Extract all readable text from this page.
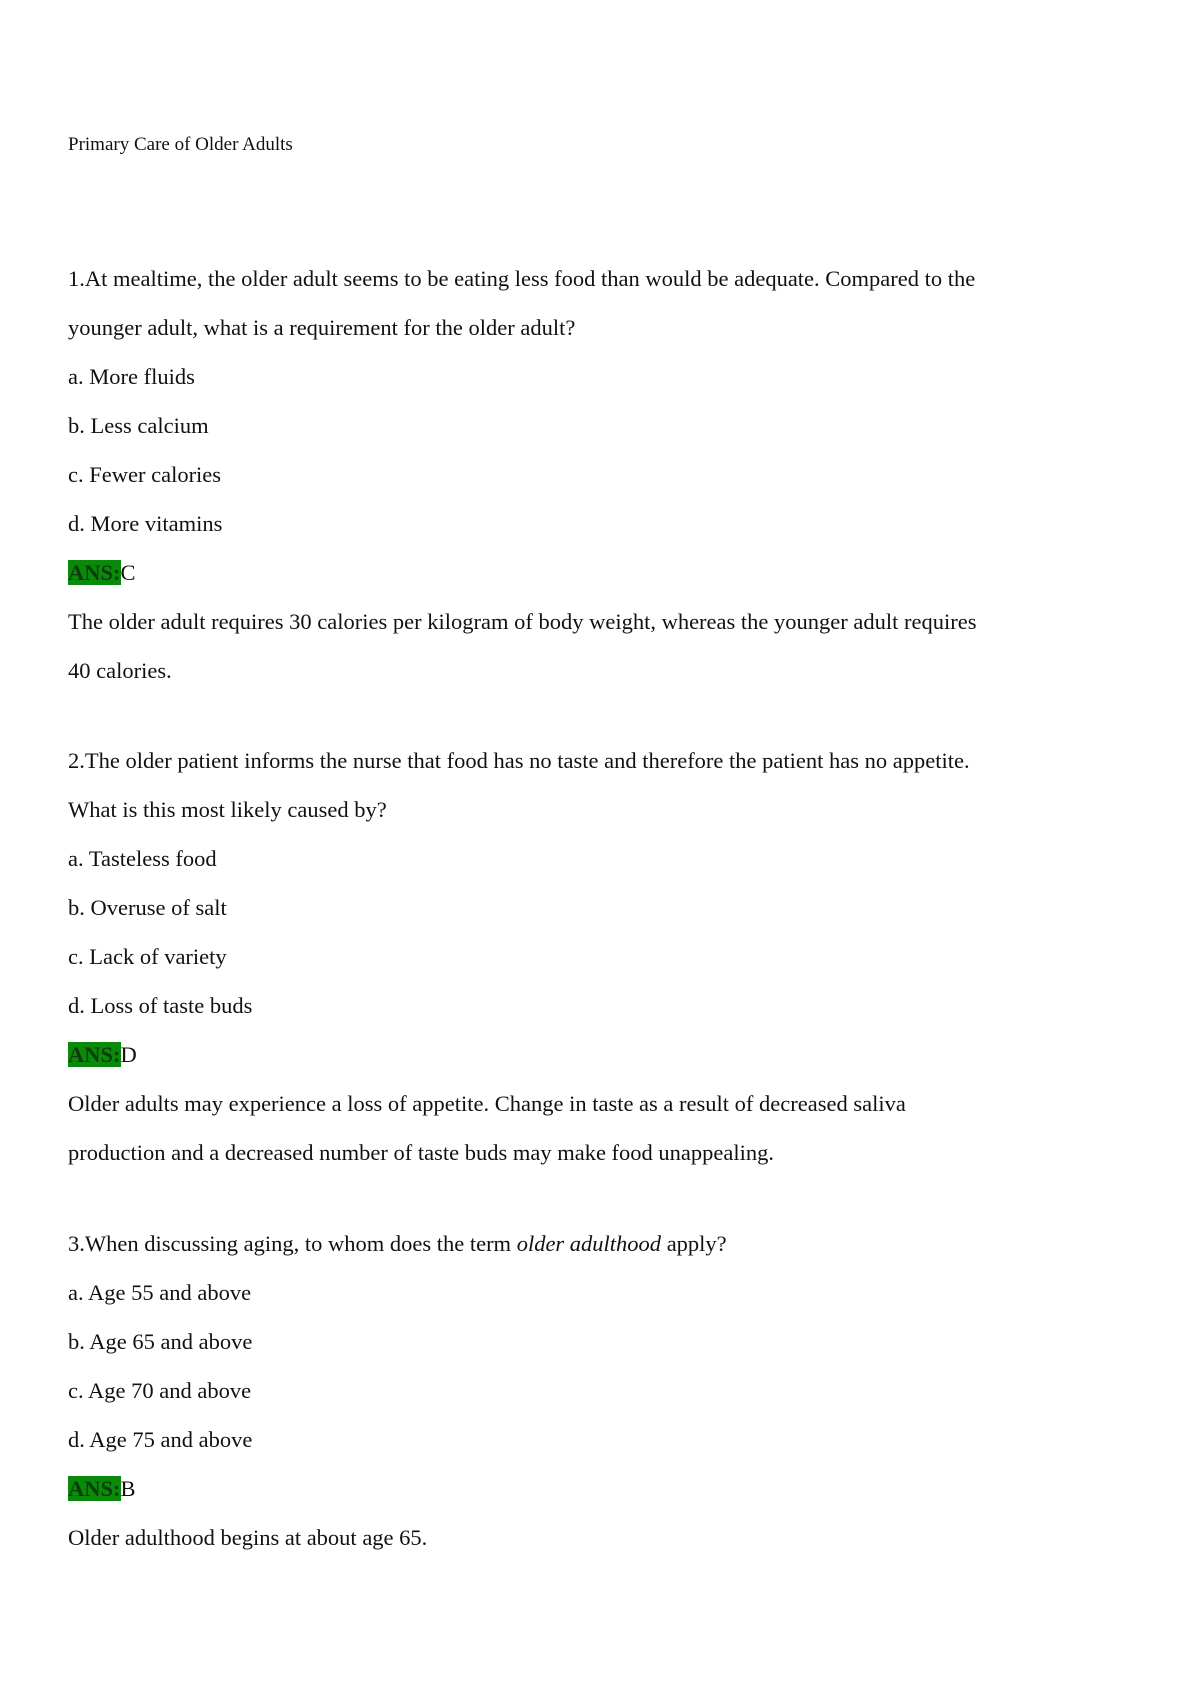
Primary Care of Older Adults
1.At mealtime, the older adult seems to be eating less food than would be adequate. Compared to the
younger adult, what is a requirement for the older adult?
a. More fluids
b. Less calcium
c. Fewer calories
d. More vitamins
ANS:C
The older adult requires 30 calories per kilogram of body weight, whereas the younger adult requires
40 calories.
2.The older patient informs the nurse that food has no taste and therefore the patient has no appetite.
What is this most likely caused by?
a. Tasteless food
b. Overuse of salt
c. Lack of variety
d. Loss of taste buds
ANS:D
Older adults may experience a loss of appetite. Change in taste as a result of decreased saliva
production and a decreased number of taste buds may make food unappealing.
3.When discussing aging, to whom does the term older adulthood apply?
a. Age 55 and above
b. Age 65 and above
c. Age 70 and above
d. Age 75 and above
ANS:B
Older adulthood begins at about age 65.
